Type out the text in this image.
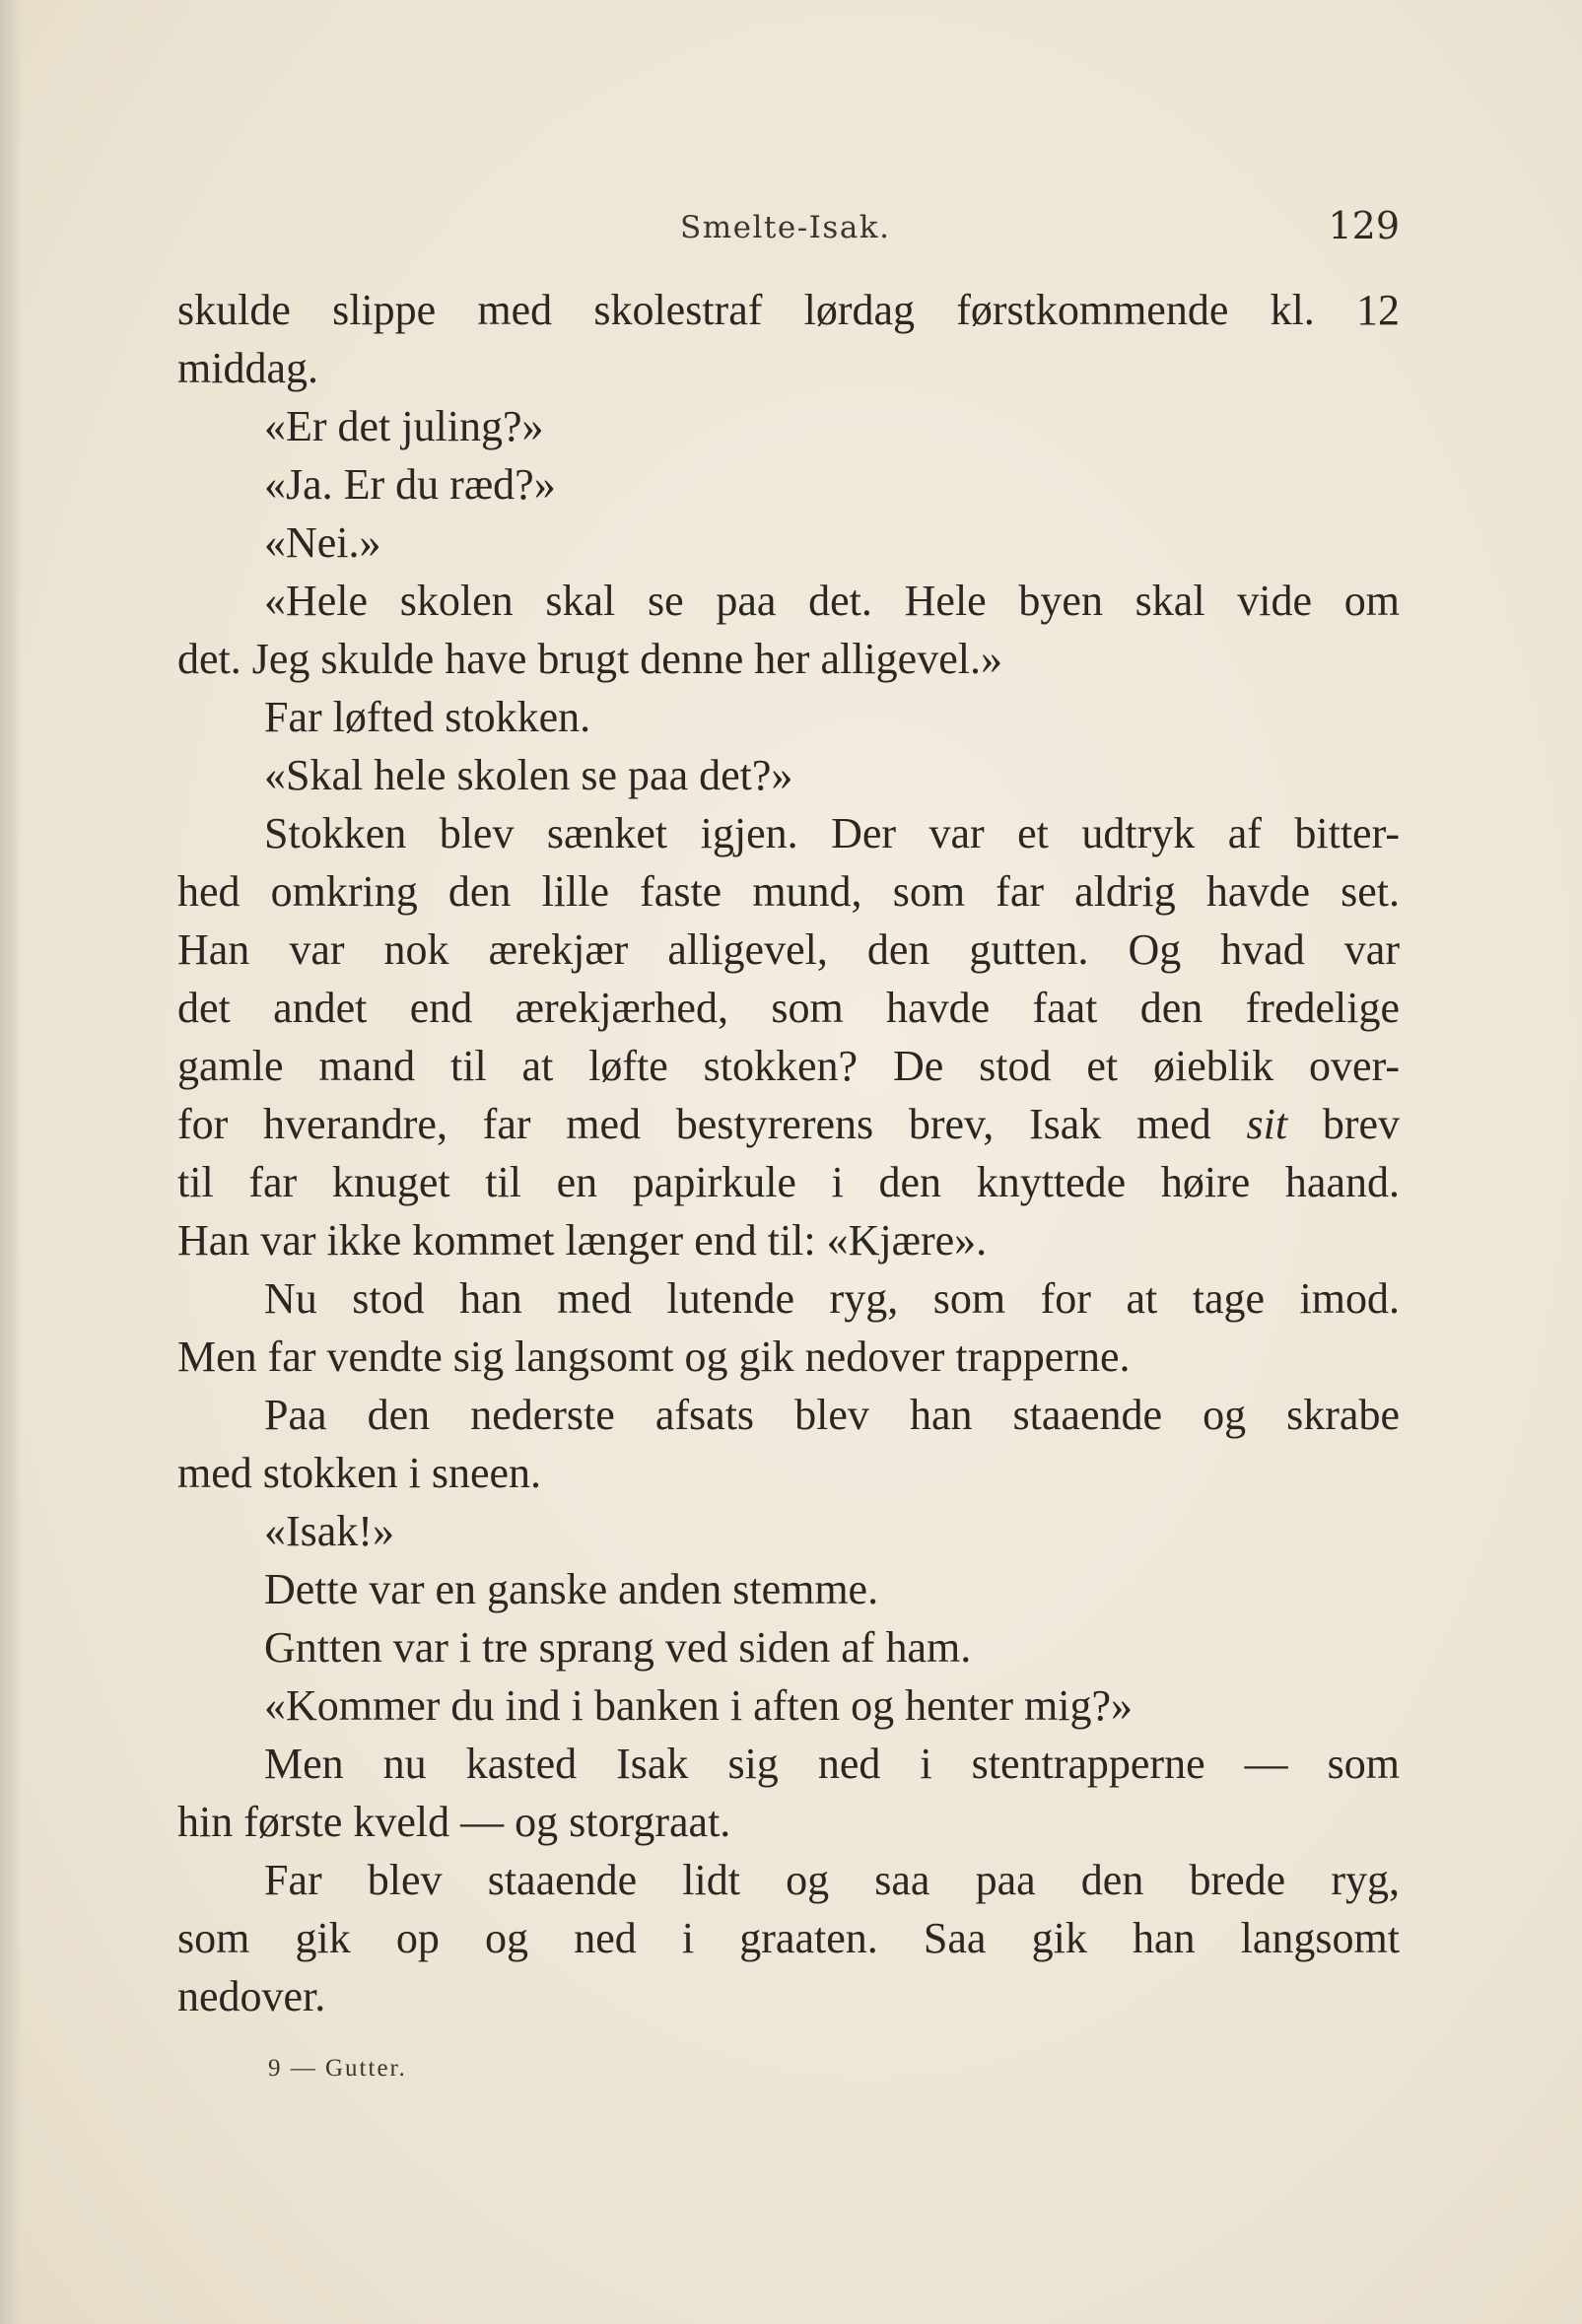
Smelte-Isak.	129
skulde slippe med skolestraf lørdag førstkommende kl. 12
middag.
«Er det juling?»
«Ja. Er du ræd?»
«Nei.»
«Hele skolen skal se paa det. Hele byen skal vide om
det. Jeg skulde have brugt denne her alligevel.»
Far løfted stokken.
«Skal hele skolen se paa det?»
Stokken blev sænket igjen. Der var et udtryk af bitter-
hed omkring den lille faste mund, som far aldrig havde set.
Han var nok ærekjær alligevel, den gutten. Og hvad var
det andet end ærekjærhed, som havde faat den fredelige
gamle mand til at løfte stokken? De stod et øieblik over-
for hverandre, far med bestyrerens brev, Isak med sit brev
til far knuget til en papirkule i den knyttede høire haand.
Han var ikke kommet længer end til: «Kjære».
Nu stod han med lutende ryg, som for at tage imod.
Men far vendte sig langsomt og gik nedover trapperne.
Paa den nederste afsats blev han staaende og skrabe
med stokken i sneen.
«Isak!»
Dette var en ganske anden stemme.
Gntten var i tre sprang ved siden af ham.
«Kommer du ind i banken i aften og henter mig?»
Men nu kasted Isak sig ned i stentrapperne — som
hin første kveld — og storgraat.
Far blev staaende lidt og saa paa den brede ryg,
som gik op og ned i graaten. Saa gik han langsomt
nedover.
9 — Gutter.
